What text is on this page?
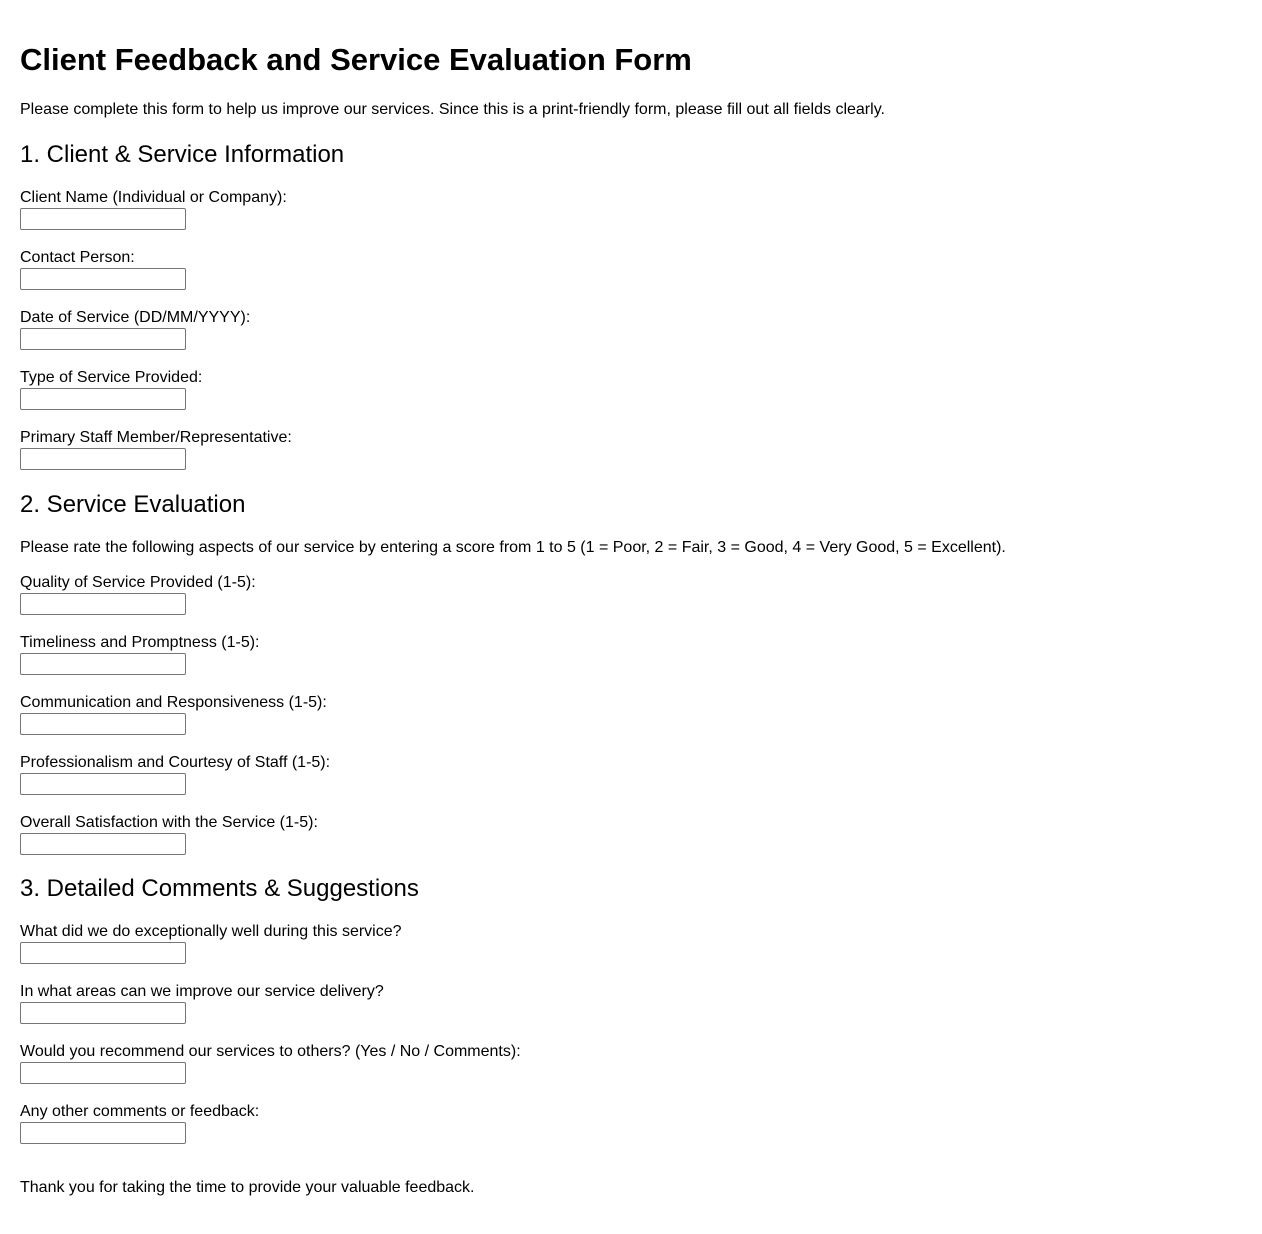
Client Feedback and Service Evaluation Form
Please complete this form to help us improve our services. Since this is a print-friendly form, please fill out all fields clearly.
1. Client & Service Information
Client Name (Individual or Company):
Contact Person:
Date of Service (DD/MM/YYYY):
Type of Service Provided:
Primary Staff Member/Representative:
2. Service Evaluation
Please rate the following aspects of our service by entering a score from 1 to 5 (1 = Poor, 2 = Fair, 3 = Good, 4 = Very Good, 5 = Excellent).
Quality of Service Provided (1-5):
Timeliness and Promptness (1-5):
Communication and Responsiveness (1-5):
Professionalism and Courtesy of Staff (1-5):
Overall Satisfaction with the Service (1-5):
3. Detailed Comments & Suggestions
What did we do exceptionally well during this service?
In what areas can we improve our service delivery?
Would you recommend our services to others? (Yes / No / Comments):
Any other comments or feedback:
Thank you for taking the time to provide your valuable feedback.
